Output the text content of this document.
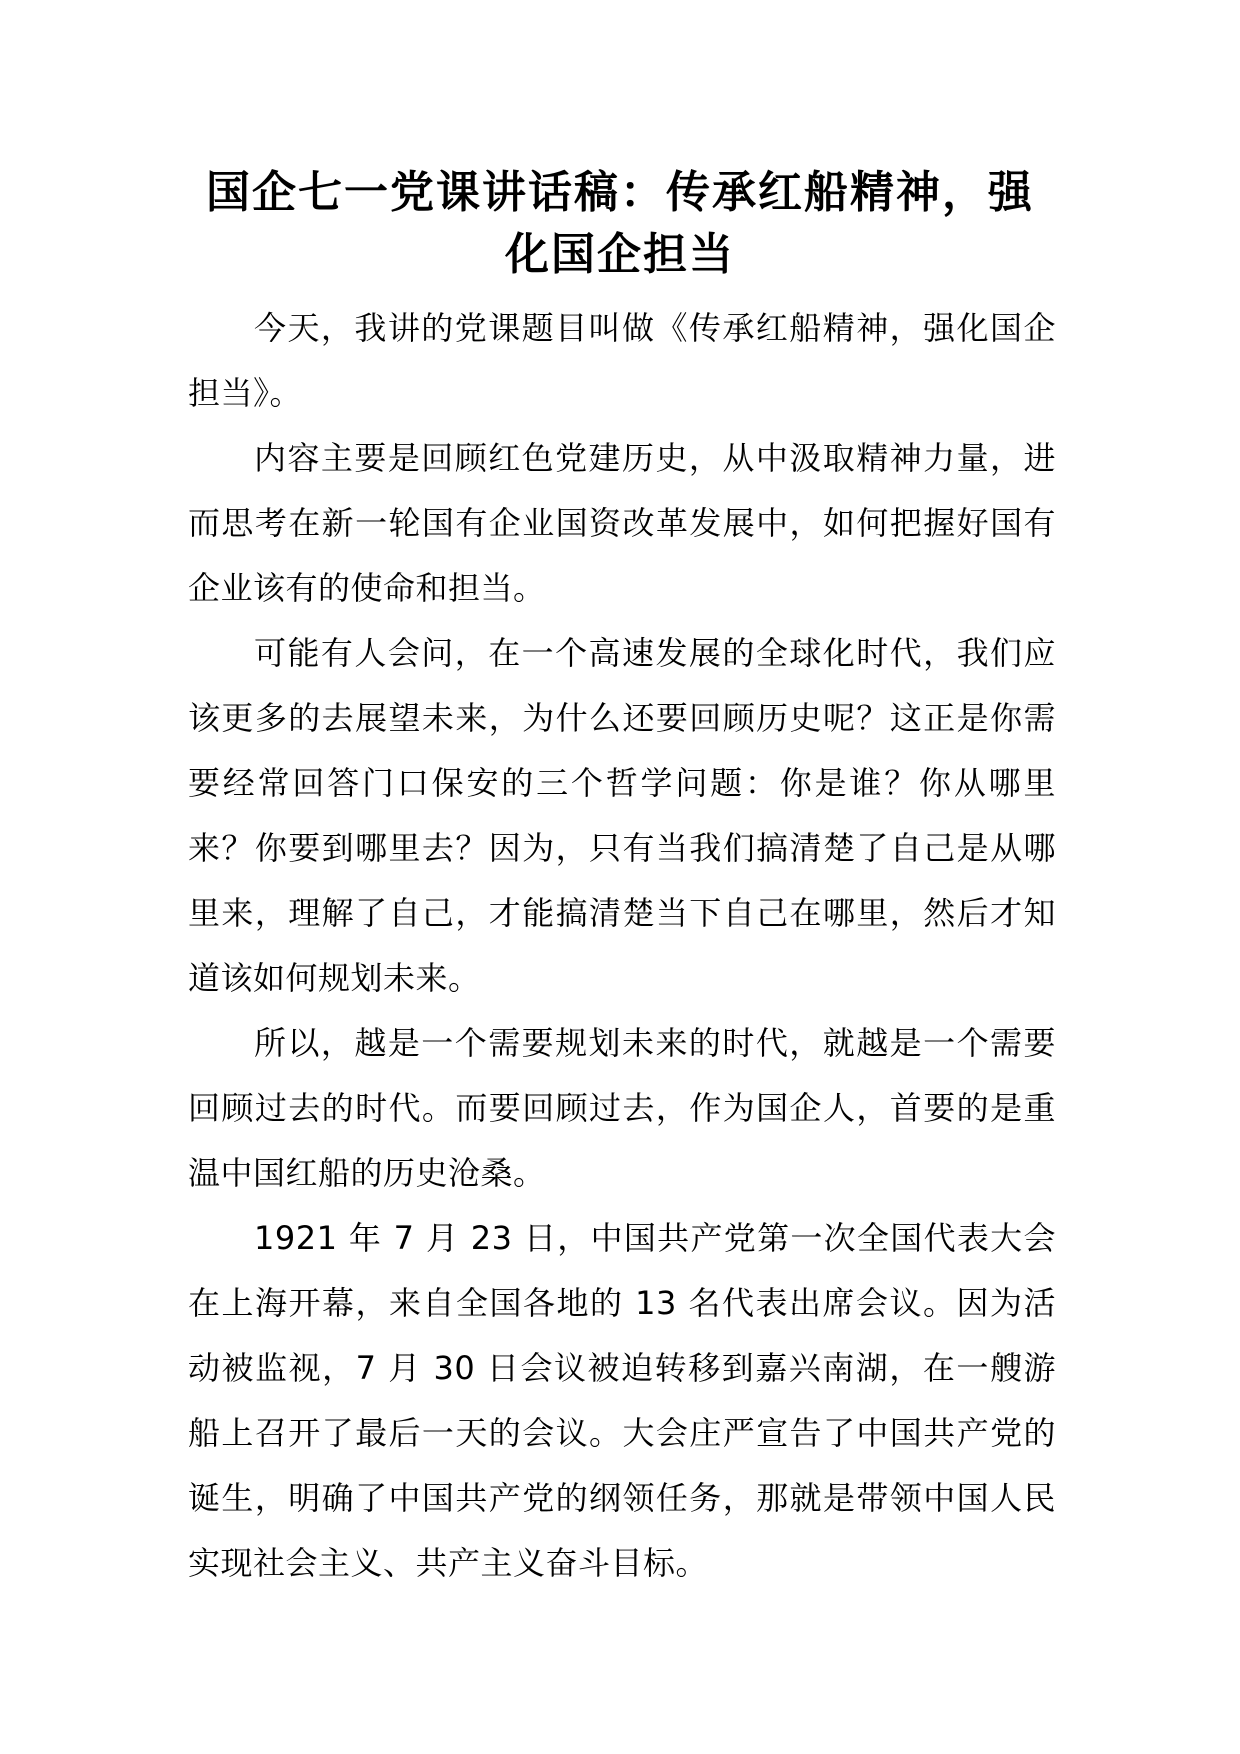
国企七一党课讲话稿：传承红船精神，强化国企担当

今天，我讲的党课题目叫做《传承红船精神，强化国企担当》。

内容主要是回顾红色党建历史，从中汲取精神力量，进而思考在新一轮国有企业国资改革发展中，如何把握好国有企业该有的使命和担当。

可能有人会问，在一个高速发展的全球化时代，我们应该更多的去展望未来，为什么还要回顾历史呢？这正是你需要经常回答门口保安的三个哲学问题：你是谁？你从哪里来？你要到哪里去？因为，只有当我们搞清楚了自己是从哪里来，理解了自己，才能搞清楚当下自己在哪里，然后才知道该如何规划未来。

所以，越是一个需要规划未来的时代，就越是一个需要回顾过去的时代。而要回顾过去，作为国企人，首要的是重温中国红船的历史沧桑。

1921 年 7 月 23 日，中国共产党第一次全国代表大会在上海开幕，来自全国各地的 13 名代表出席会议。因为活动被监视，7 月 30 日会议被迫转移到嘉兴南湖，在一艘游船上召开了最后一天的会议。大会庄严宣告了中国共产党的诞生，明确了中国共产党的纲领任务，那就是带领中国人民实现社会主义、共产主义奋斗目标。
